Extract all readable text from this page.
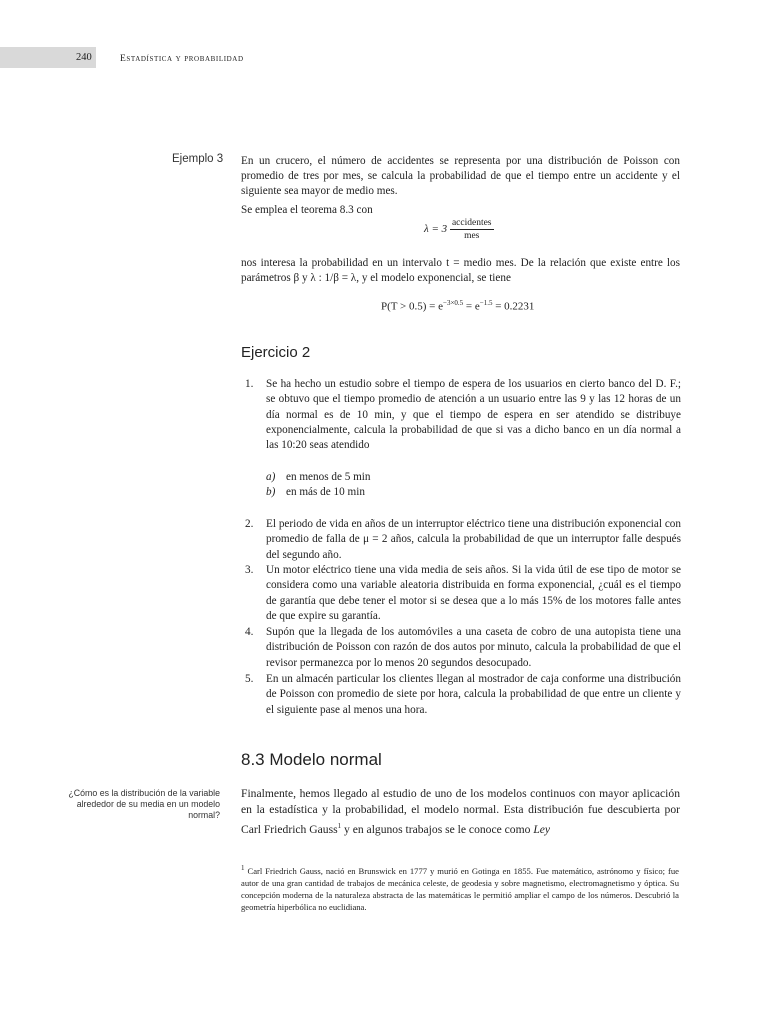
240	Estadística y probabilidad
Ejemplo 3 En un crucero, el número de accidentes se representa por una distribución de Poisson con promedio de tres por mes, se calcula la probabilidad de que el tiempo entre un accidente y el siguiente sea mayor de medio mes.
Se emplea el teorema 8.3 con
$\lambda = 3 \frac{\text{accidentes}}{\text{mes}}$
nos interesa la probabilidad en un intervalo t = medio mes. De la relación que existe entre los parámetros β y λ : 1/β = λ, y el modelo exponencial, se tiene
$P(T > 0.5) = e^{-3\times 0.5} = e^{-1.5} = 0.2231$
Ejercicio 2
1. Se ha hecho un estudio sobre el tiempo de espera de los usuarios en cierto banco del D. F.; se obtuvo que el tiempo promedio de atención a un usuario entre las 9 y las 12 horas de un día normal es de 10 min, y que el tiempo de espera en ser atendido se distribuye exponencialmente, calcula la probabilidad de que si vas a dicho banco en un día normal a las 10:20 seas atendido
2. El periodo de vida en años de un interruptor eléctrico tiene una distribución exponencial con promedio de falla de μ = 2 años, calcula la probabilidad de que un interruptor falle después del segundo año.
3. Un motor eléctrico tiene una vida media de seis años. Si la vida útil de ese tipo de motor se considera como una variable aleatoria distribuida en forma exponencial, ¿cuál es el tiempo de garantía que debe tener el motor si se desea que a lo más 15% de los motores falle antes de que expire su garantía.
4. Supón que la llegada de los automóviles a una caseta de cobro de una autopista tiene una distribución de Poisson con razón de dos autos por minuto, calcula la probabilidad de que el revisor permanezca por lo menos 20 segundos desocupado.
5. En un almacén particular los clientes llegan al mostrador de caja conforme una distribución de Poisson con promedio de siete por hora, calcula la probabilidad de que entre un cliente y el siguiente pase al menos una hora.
a) en menos de 5 min
b) en más de 10 min
8.3 Modelo normal
¿Cómo es la distribución de la variable alrededor de su media en un modelo normal?
Finalmente, hemos llegado al estudio de uno de los modelos continuos con mayor aplicación en la estadística y la probabilidad, el modelo normal. Esta distribución fue descubierta por Carl Friedrich Gauss$^1$ y en algunos trabajos se le conoce como Ley
$^1$ Carl Friedrich Gauss, nació en Brunswick en 1777 y murió en Gotinga en 1855. Fue matemático, astrónomo y físico; fue autor de una gran cantidad de trabajos de mecánica celeste, de geodesia y sobre magnetismo, electromagnetismo y óptica. Su concepción moderna de la naturaleza abstracta de las matemáticas le permitió ampliar el campo de los números. Descubrió la geometría hiperbólica no euclidiana.
